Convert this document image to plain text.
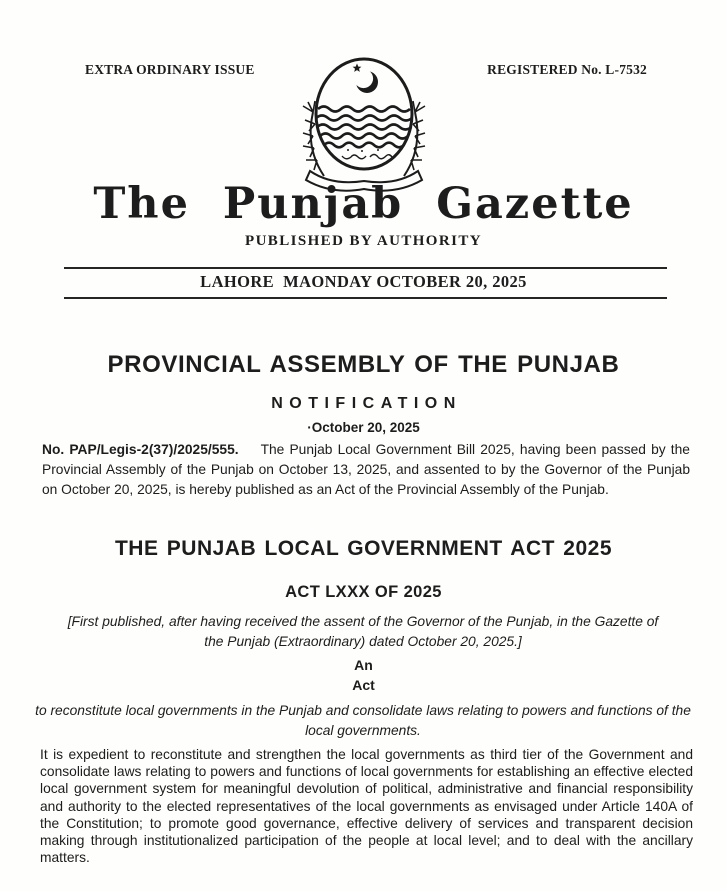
EXTRA ORDINARY ISSUE	REGISTERED No. L-7532
The Punjab Gazette
PUBLISHED BY AUTHORITY
LAHORE  MAONDAY OCTOBER 20, 2025
PROVINCIAL ASSEMBLY OF THE PUNJAB
NOTIFICATION
·October 20, 2025

No. PAP/Legis-2(37)/2025/555. The Punjab Local Government Bill 2025, having been passed by the Provincial Assembly of the Punjab on October 13, 2025, and assented to by the Governor of the Punjab on October 20, 2025, is hereby published as an Act of the Provincial Assembly of the Punjab.

THE PUNJAB LOCAL GOVERNMENT ACT 2025
ACT LXXX OF 2025

[First published, after having received the assent of the Governor of the Punjab, in the Gazette of the Punjab (Extraordinary) dated October 20, 2025.]

An
Act

to reconstitute local governments in the Punjab and consolidate laws relating to powers and functions of the local governments.

It is expedient to reconstitute and strengthen the local governments as third tier of the Government and consolidate laws relating to powers and functions of local governments for establishing an effective elected local government system for meaningful devolution of political, administrative and financial responsibility and authority to the elected representatives of the local governments as envisaged under Article 140A of the Constitution; to promote good governance, effective delivery of services and transparent decision making through institutionalized participation of the people at local level; and to deal with the ancillary matters.
